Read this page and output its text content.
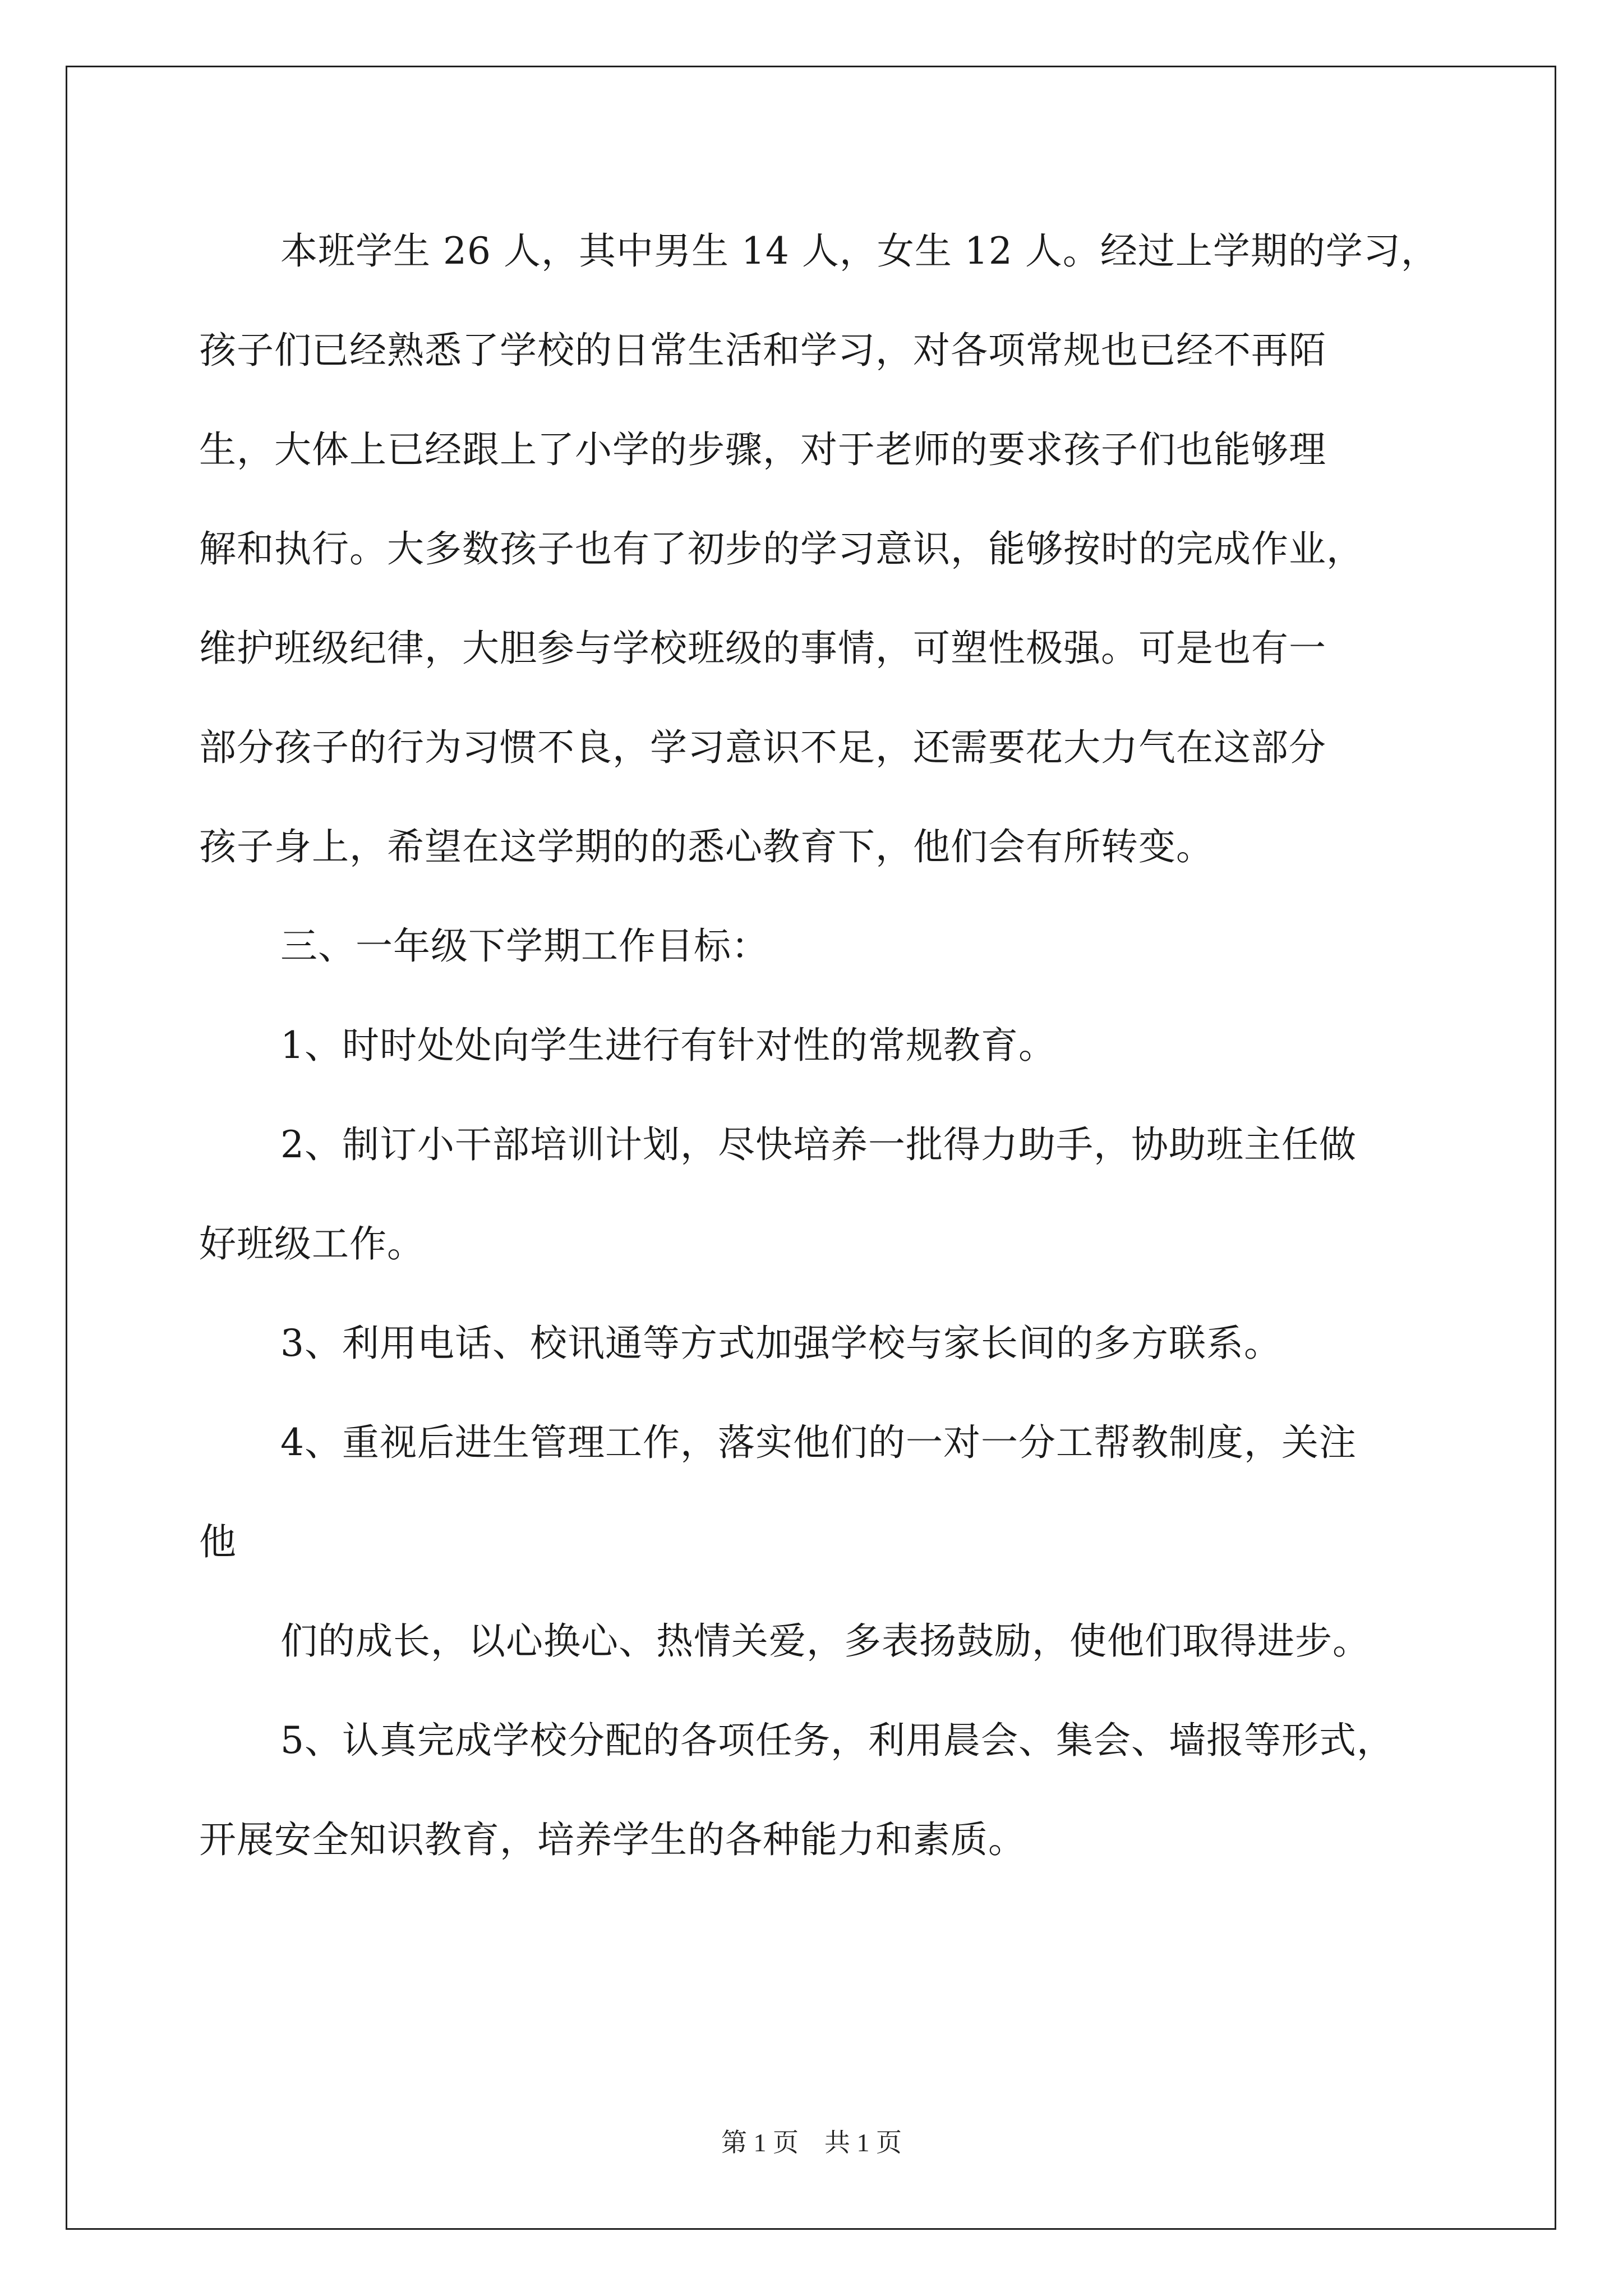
本班学生 26 人，其中男生 14 人，女生 12 人。经过上学期的学习，
孩子们已经熟悉了学校的日常生活和学习，对各项常规也已经不再陌
生，大体上已经跟上了小学的步骤，对于老师的要求孩子们也能够理
解和执行。大多数孩子也有了初步的学习意识，能够按时的完成作业，
维护班级纪律，大胆参与学校班级的事情，可塑性极强。可是也有一
部分孩子的行为习惯不良，学习意识不足，还需要花大力气在这部分
孩子身上，希望在这学期的的悉心教育下，他们会有所转变。
三、一年级下学期工作目标：
1、时时处处向学生进行有针对性的常规教育。
2、制订小干部培训计划，尽快培养一批得力助手，协助班主任做
好班级工作。
3、利用电话、校讯通等方式加强学校与家长间的多方联系。
4、重视后进生管理工作，落实他们的一对一分工帮教制度，关注
他
们的成长，以心换心、热情关爱，多表扬鼓励，使他们取得进步。
5、认真完成学校分配的各项任务，利用晨会、集会、墙报等形式，
开展安全知识教育，培养学生的各种能力和素质。
第 1 页　共 1 页
